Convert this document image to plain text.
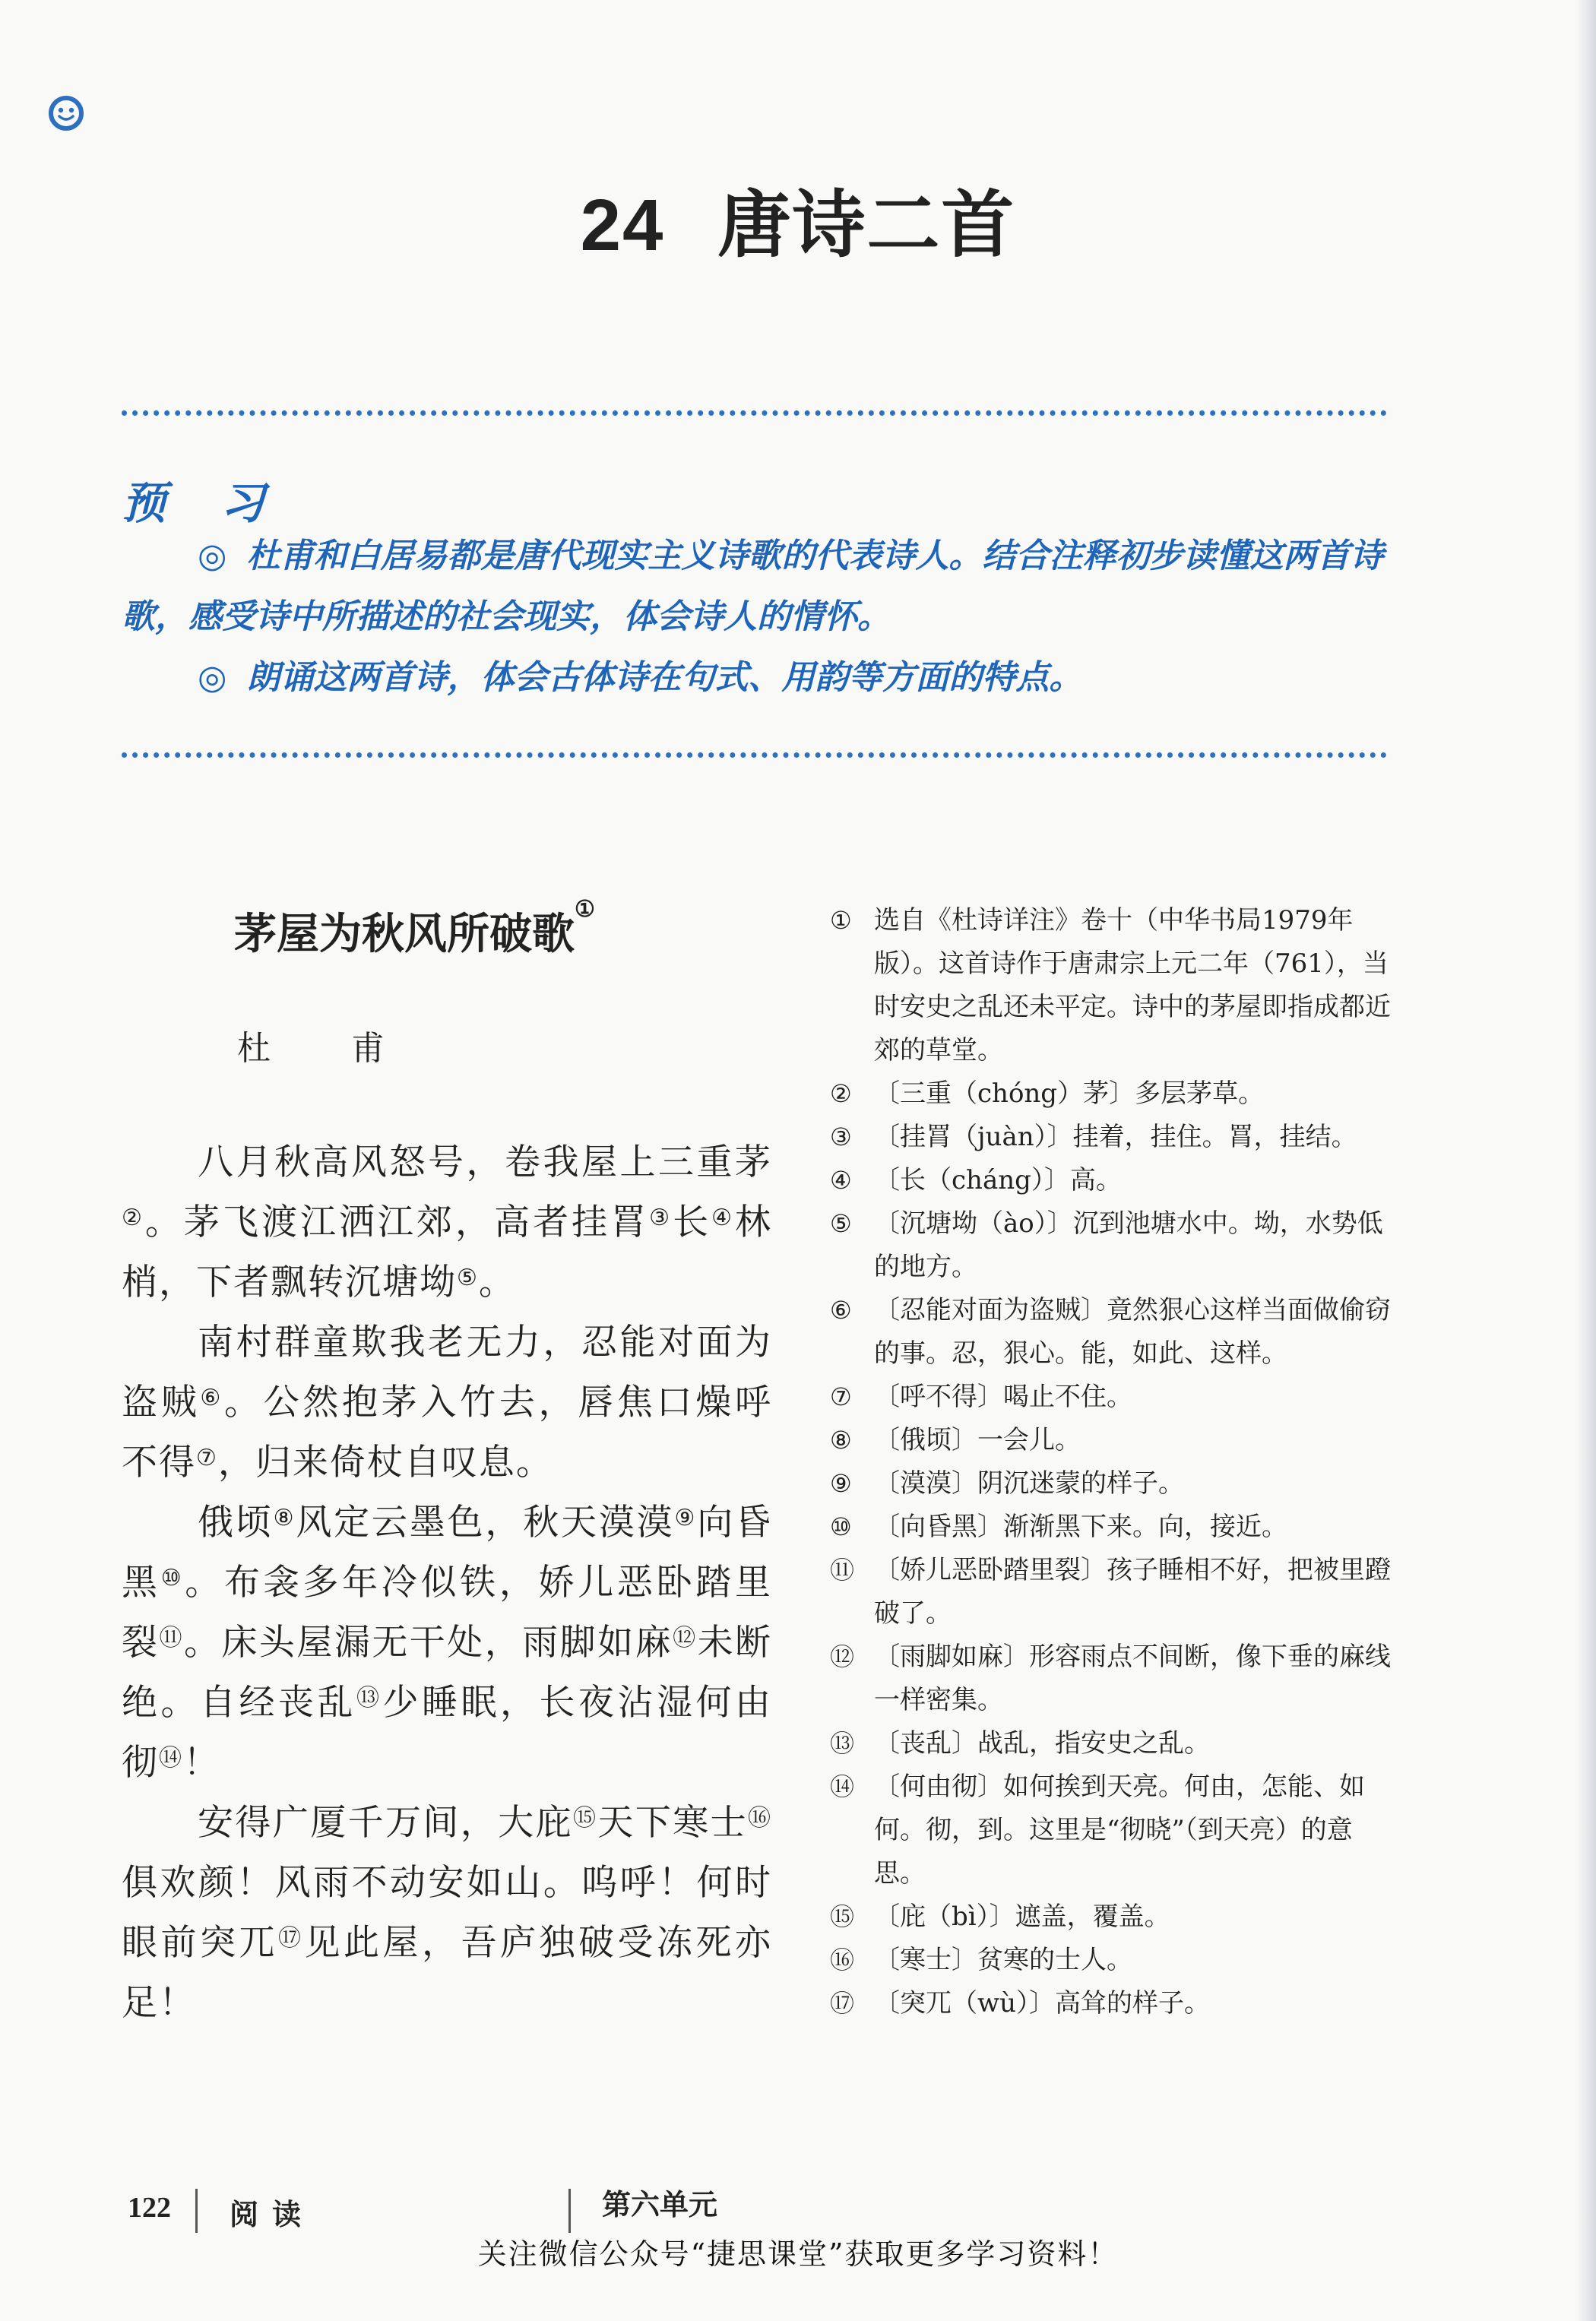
24 唐诗二首
预 习
◎ 杜甫和白居易都是唐代现实主义诗歌的代表诗人。结合注释初步读懂这两首诗歌，感受诗中所描述的社会现实，体会诗人的情怀。
◎ 朗诵这两首诗，体会古体诗在句式、用韵等方面的特点。
茅屋为秋风所破歌①
杜 甫

八月秋高风怒号，卷我屋上三重茅②。茅飞渡江洒江郊，高者挂罥③长④林梢，下者飘转沉塘坳⑤。

南村群童欺我老无力，忍能对面为盗贼⑥。公然抱茅入竹去，唇焦口燥呼不得⑦，归来倚杖自叹息。

俄顷⑧风定云墨色，秋天漠漠⑨向昏黑⑩。布衾多年冷似铁，娇儿恶卧踏里裂⑪。床头屋漏无干处，雨脚如麻⑫未断绝。自经丧乱⑬少睡眠，长夜沾湿何由彻⑭！

安得广厦千万间，大庇⑮天下寒士⑯俱欢颜！风雨不动安如山。呜呼！何时眼前突兀⑰见此屋，吾庐独破受冻死亦足！

① 选自《杜诗详注》卷十（中华书局1979年版）。这首诗作于唐肃宗上元二年（761），当时安史之乱还未平定。诗中的茅屋即指成都近郊的草堂。
② 〔三重（chóng）茅〕多层茅草。
③ 〔挂罥（juàn）〕挂着，挂住。罥，挂结。
④ 〔长（cháng）〕高。
⑤ 〔沉塘坳（ào）〕沉到池塘水中。坳，水势低的地方。
⑥ 〔忍能对面为盗贼〕竟然狠心这样当面做偷窃的事。忍，狠心。能，如此、这样。
⑦ 〔呼不得〕喝止不住。
⑧ 〔俄顷〕一会儿。
⑨ 〔漠漠〕阴沉迷蒙的样子。
⑩ 〔向昏黑〕渐渐黑下来。向，接近。
⑪ 〔娇儿恶卧踏里裂〕孩子睡相不好，把被里蹬破了。
⑫ 〔雨脚如麻〕形容雨点不间断，像下垂的麻线一样密集。
⑬ 〔丧乱〕战乱，指安史之乱。
⑭ 〔何由彻〕如何挨到天亮。何由，怎能、如何。彻，到。这里是“彻晓”（到天亮）的意思。
⑮ 〔庇（bì）〕遮盖，覆盖。
⑯ 〔寒士〕贫寒的士人。
⑰ 〔突兀（wù）〕高耸的样子。
122 阅读	第六单元
关注微信公众号“捷思课堂”获取更多学习资料！
